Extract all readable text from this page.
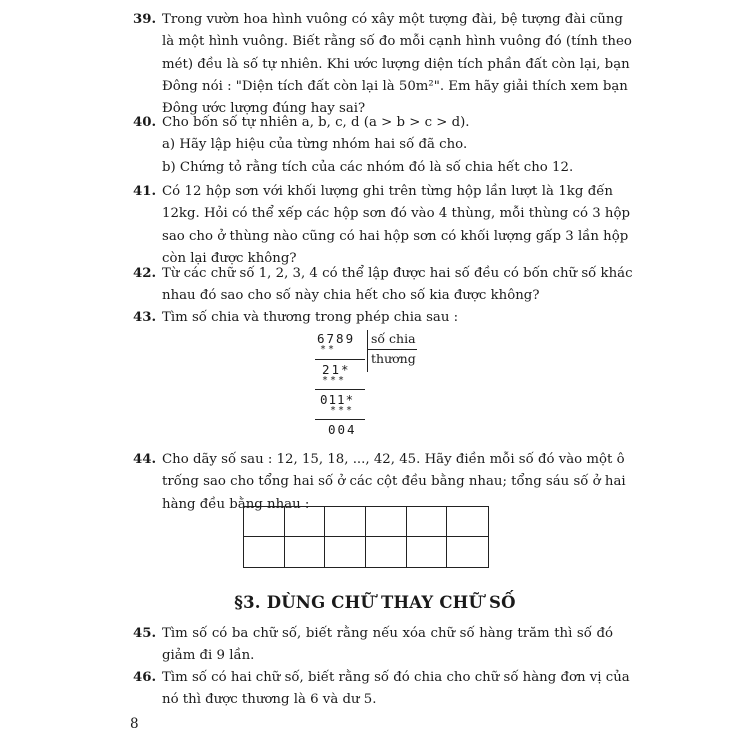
39. Trong vườn hoa hình vuông có xây một tượng đài, bệ tượng đài cũng
là một hình vuông. Biết rằng số đo mỗi cạnh hình vuông đó (tính theo
mét) đều là số tự nhiên. Khi ước lượng diện tích phần đất còn lại, bạn
Đông nói : "Diện tích đất còn lại là 50m²". Em hãy giải thích xem bạn
Đông ước lượng đúng hay sai?
40. Cho bốn số tự nhiên a, b, c, d (a > b > c > d).
a) Hãy lập hiệu của từng nhóm hai số đã cho.
b) Chứng tỏ rằng tích của các nhóm đó là số chia hết cho 12.
41. Có 12 hộp sơn với khối lượng ghi trên từng hộp lần lượt là 1kg đến
12kg. Hỏi có thể xếp các hộp sơn đó vào 4 thùng, mỗi thùng có 3 hộp
sao cho ở thùng nào cũng có hai hộp sơn có khối lượng gấp 3 lần hộp
còn lại được không?
42. Từ các chữ số 1, 2, 3, 4 có thể lập được hai số đều có bốn chữ số khác
nhau đó sao cho số này chia hết cho số kia được không?
43. Tìm số chia và thương trong phép chia sau :
6789
**
21*
***
011*
***
004
số chia
thương
44. Cho dãy số sau : 12, 15, 18, ..., 42, 45. Hãy điền mỗi số đó vào một ô
trống sao cho tổng hai số ở các cột đều bằng nhau; tổng sáu số ở hai
hàng đều bằng nhau :
§3. DÙNG CHỮ THAY CHỮ SỐ
45. Tìm số có ba chữ số, biết rằng nếu xóa chữ số hàng trăm thì số đó
giảm đi 9 lần.
46. Tìm số có hai chữ số, biết rằng số đó chia cho chữ số hàng đơn vị của
nó thì được thương là 6 và dư 5.
8
